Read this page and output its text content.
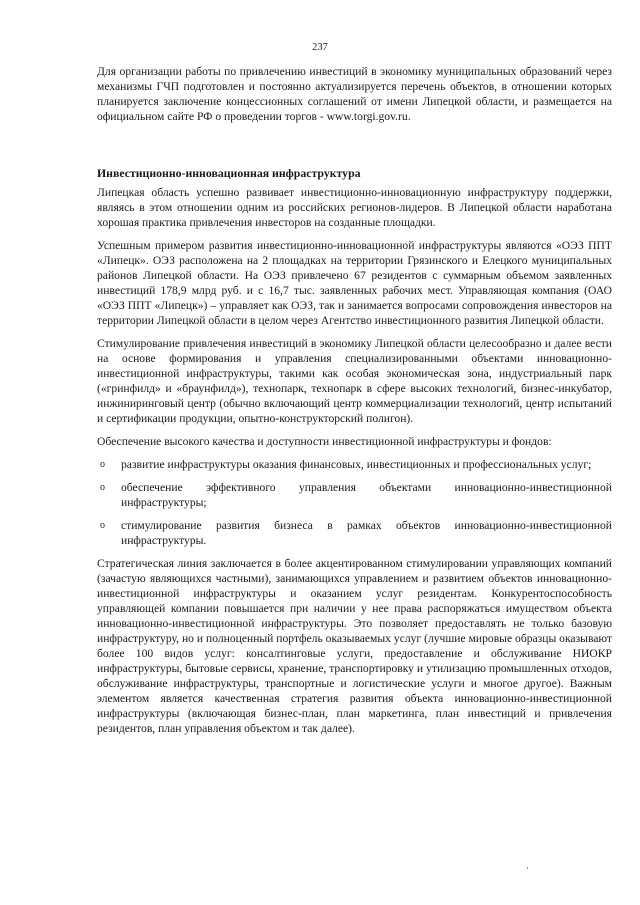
237

Для организации работы по привлечению инвестиций в экономику муниципальных образований через механизмы ГЧП подготовлен и постоянно актуализируется перечень объектов, в отношении которых планируется заключение концессионных соглашений от имени Липецкой области, и размещается на официальном сайте РФ о проведении торгов - www.torgi.gov.ru.

Инвестиционно-инновационная инфраструктура

Липецкая область успешно развивает инвестиционно-инновационную инфраструктуру поддержки, являясь в этом отношении одним из российских регионов-лидеров. В Липецкой области наработана хорошая практика привлечения инвесторов на созданные площадки.

Успешным примером развития инвестиционно-инновационной инфраструктуры являются «ОЭЗ ППТ «Липецк». ОЭЗ расположена на 2 площадках на территории Грязинского и Елецкого муниципальных районов Липецкой области. На ОЭЗ привлечено 67 резидентов с суммарным объемом заявленных инвестиций 178,9 млрд руб. и с 16,7 тыс. заявленных рабочих мест. Управляющая компания (ОАО «ОЭЗ ППТ «Липецк») – управляет как ОЭЗ, так и занимается вопросами сопровождения инвесторов на территории Липецкой области в целом через Агентство инвестиционного развития Липецкой области.

Стимулирование привлечения инвестиций в экономику Липецкой области целесообразно и далее вести на основе формирования и управления специализированными объектами инновационно-инвестиционной инфраструктуры, такими как особая экономическая зона, индустриальный парк («гринфилд» и «браунфилд»), технопарк, технопарк в сфере высоких технологий, бизнес-инкубатор, инжиниринговый центр (обычно включающий центр коммерциализации технологий, центр испытаний и сертификации продукции, опытно-конструкторский полигон).

Обеспечение высокого качества и доступности инвестиционной инфраструктуры и фондов:

o развитие инфраструктуры оказания финансовых, инвестиционных и профессиональных услуг;
o обеспечение эффективного управления объектами инновационно-инвестиционной инфраструктуры;
o стимулирование развития бизнеса в рамках объектов инновационно-инвестиционной инфраструктуры.

Стратегическая линия заключается в более акцентированном стимулировании управляющих компаний (зачастую являющихся частными), занимающихся управлением и развитием объектов инновационно-инвестиционной инфраструктуры и оказанием услуг резидентам. Конкурентоспособность управляющей компании повышается при наличии у нее права распоряжаться имуществом объекта инновационно-инвестиционной инфраструктуры. Это позволяет предоставлять не только базовую инфраструктуру, но и полноценный портфель оказываемых услуг (лучшие мировые образцы оказывают более 100 видов услуг: консалтинговые услуги, предоставление и обслуживание НИОКР инфраструктуры, бытовые сервисы, хранение, транспортировку и утилизацию промышленных отходов, обслуживание инфраструктуры, транспортные и логистические услуги и многое другое). Важным элементом является качественная стратегия развития объекта инновационно-инвестиционной инфраструктуры (включающая бизнес-план, план маркетинга, план инвестиций и привлечения резидентов, план управления объектом и так далее).
